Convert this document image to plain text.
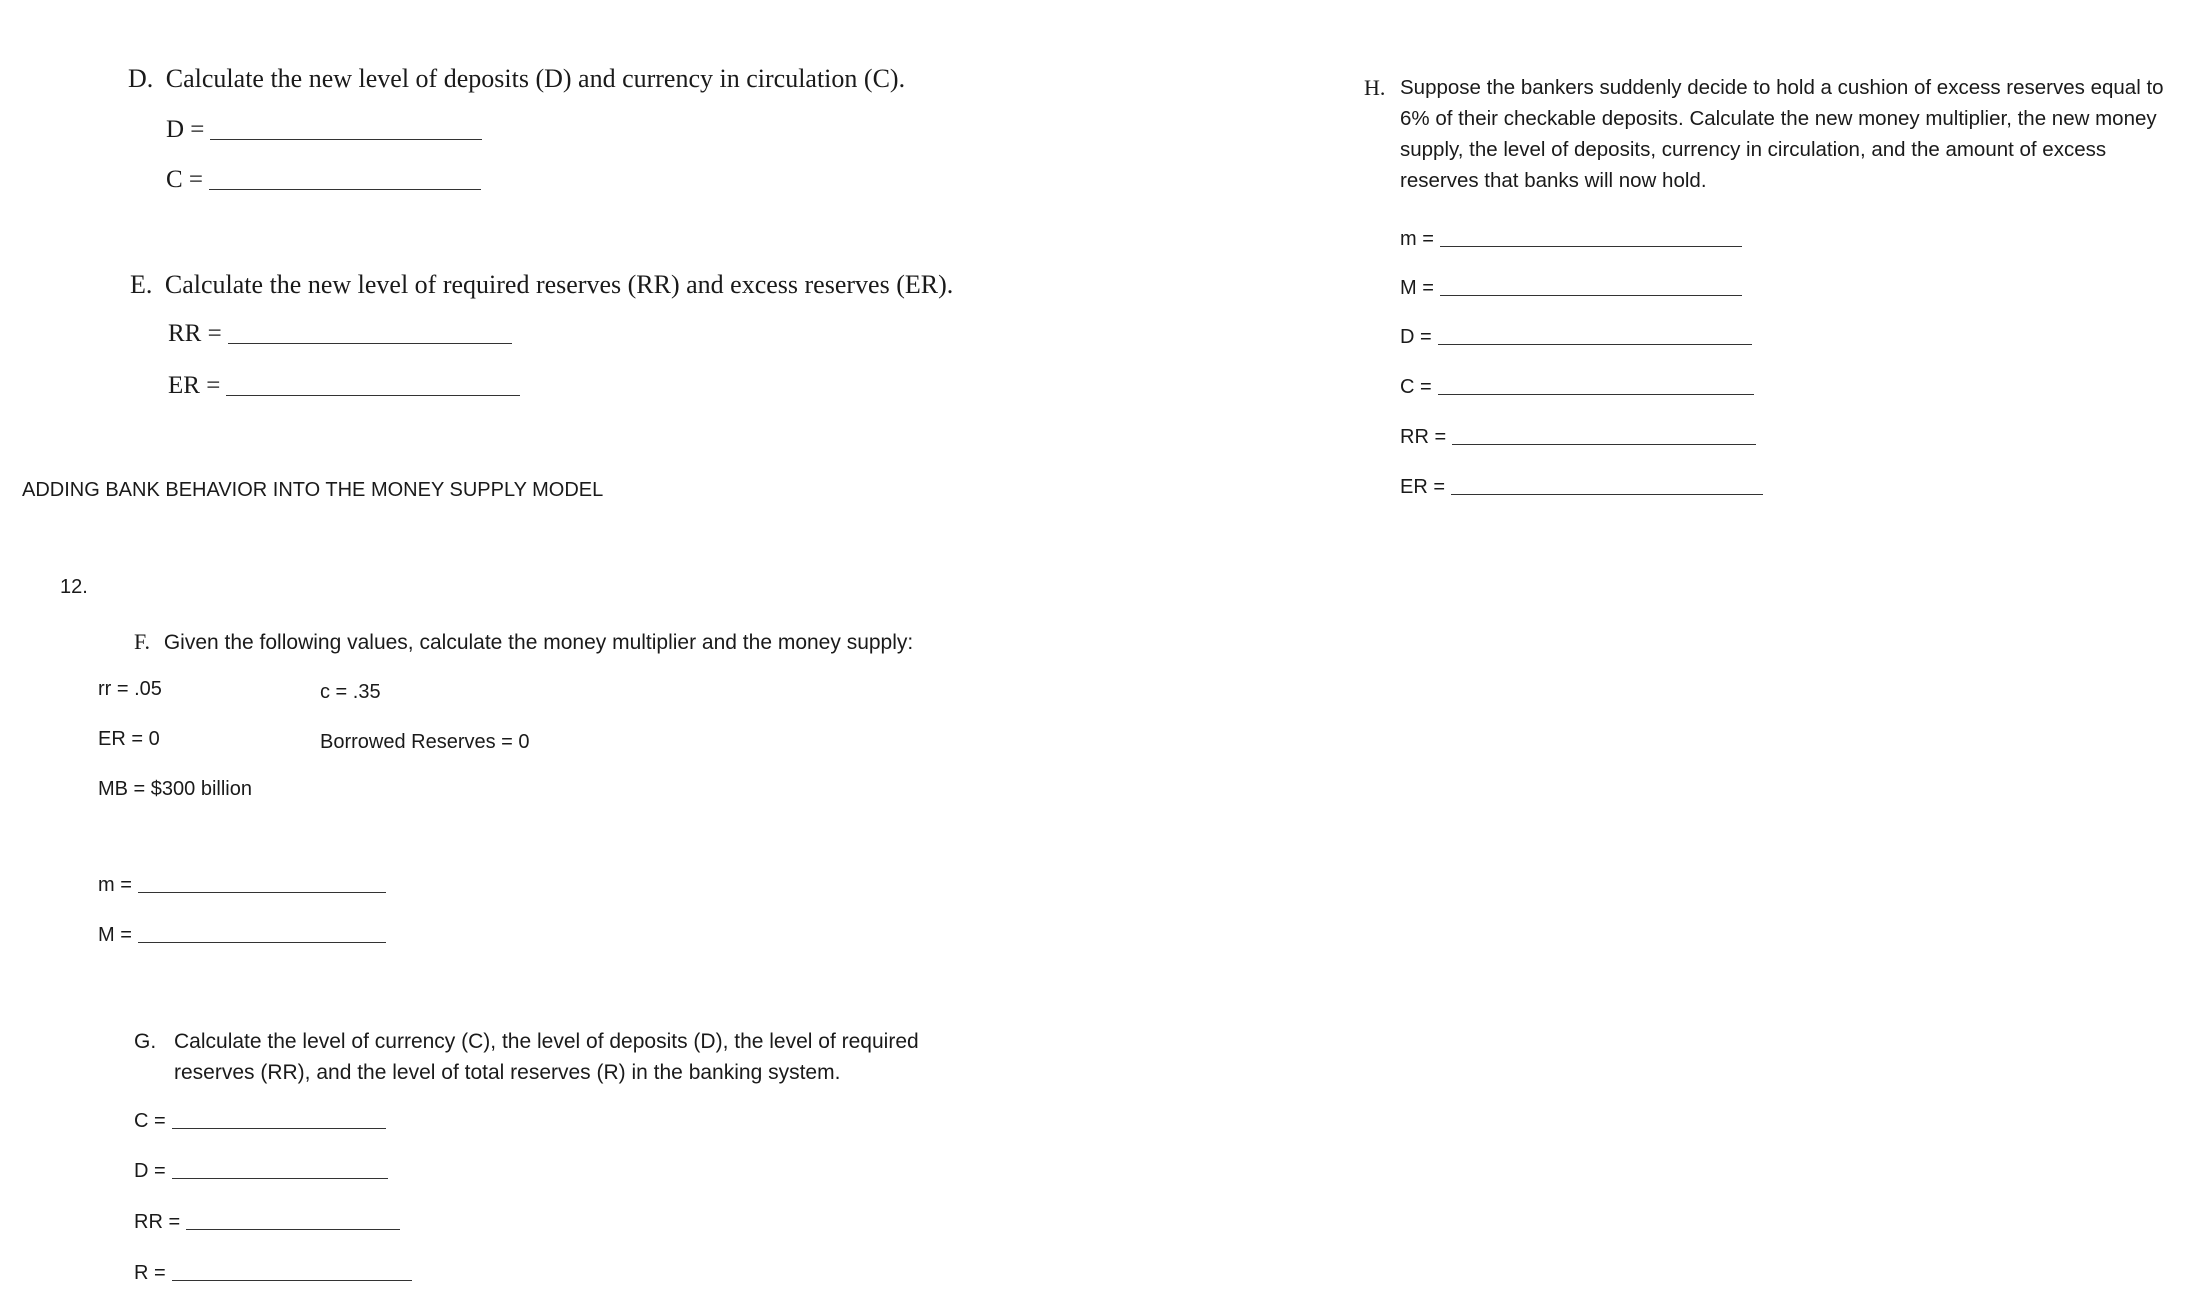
D. Calculate the new level of deposits (D) and currency in circulation (C).
D =
C =
E. Calculate the new level of required reserves (RR) and excess reserves (ER).
RR =
ER =
ADDING BANK BEHAVIOR INTO THE MONEY SUPPLY MODEL
12.
F. Given the following values, calculate the money multiplier and the money supply:
rr = .05	c = .35
ER = 0	Borrowed Reserves = 0
MB = $300 billion
m =
M =
G. Calculate the level of currency (C), the level of deposits (D), the level of required reserves (RR), and the level of total reserves (R) in the banking system.
C =
D =
RR =
R =
H. Suppose the bankers suddenly decide to hold a cushion of excess reserves equal to 6% of their checkable deposits. Calculate the new money multiplier, the new money supply, the level of deposits, currency in circulation, and the amount of excess reserves that banks will now hold.
m =
M =
D =
C =
RR =
ER =
